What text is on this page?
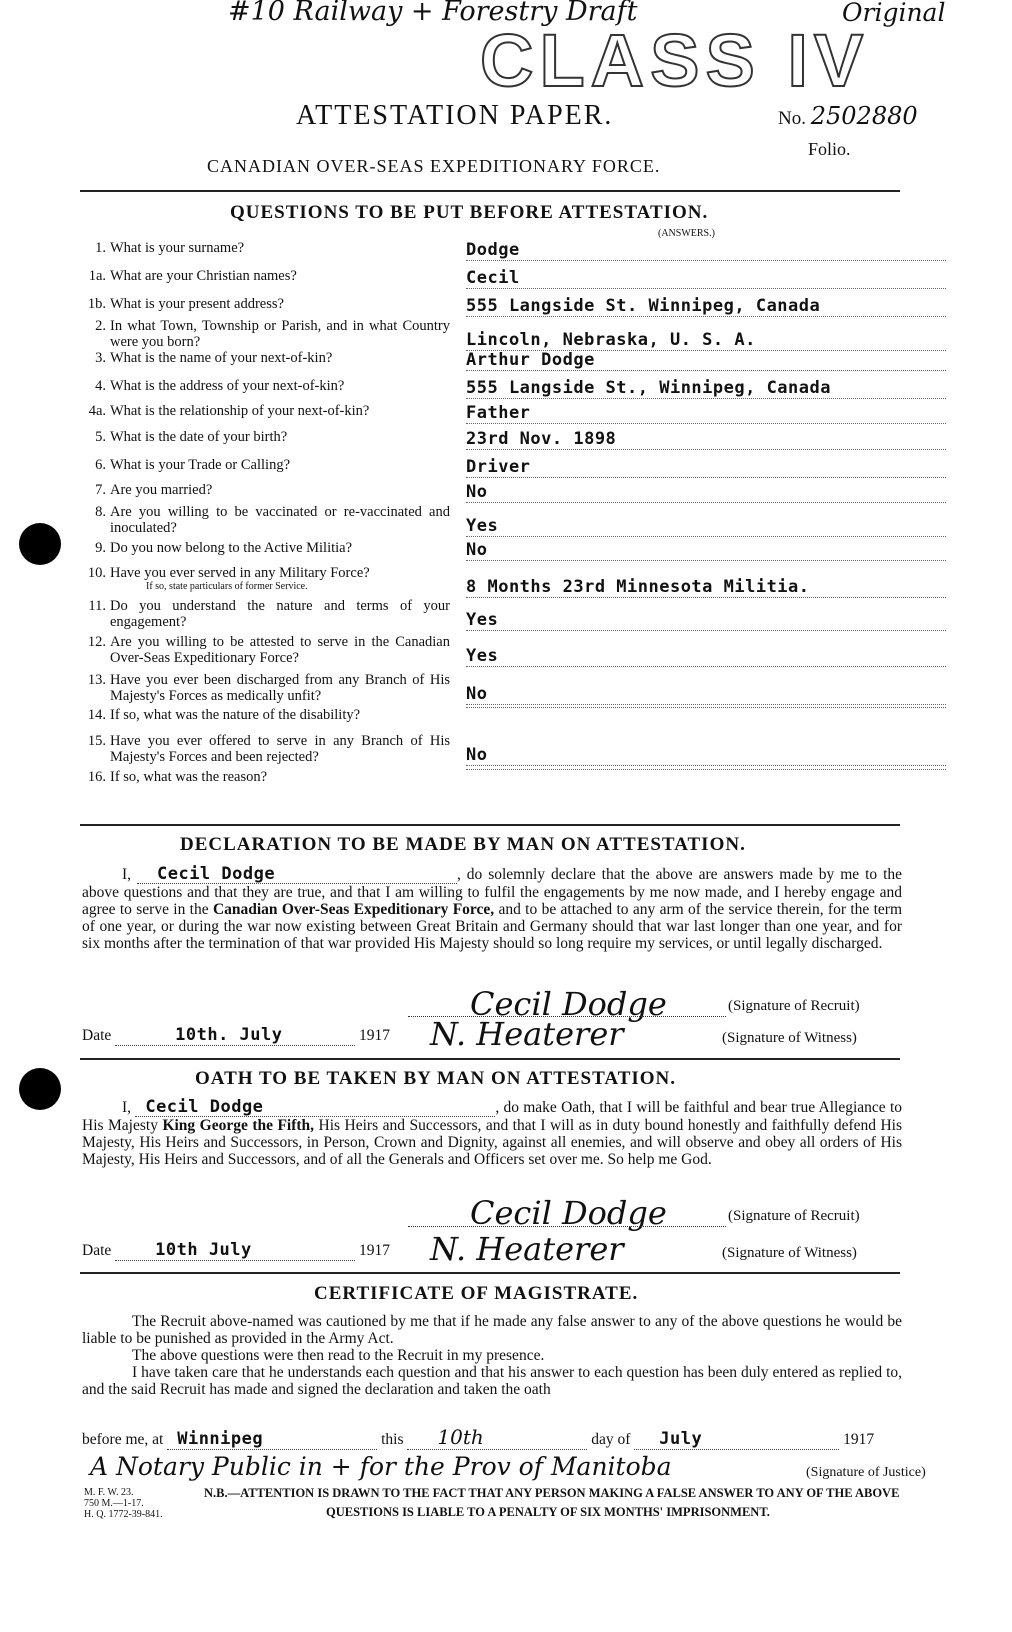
#10 Railway + Forestry Draft	Original
CLASS IV
ATTESTATION PAPER.	No. 2502880
Folio.
CANADIAN OVER-SEAS EXPEDITIONARY FORCE.
QUESTIONS TO BE PUT BEFORE ATTESTATION.
(ANSWERS.)
1. What is your surname?	Dodge
1a. What are your Christian names?	Cecil
1b. What is your present address?	555 Langside St. Winnipeg, Canada
2. In what Town, Township or Parish, and in what Country were you born?	Lincoln, Nebraska, U. S. A.
3. What is the name of your next-of-kin?	Arthur Dodge
4. What is the address of your next-of-kin?	555 Langside St., Winnipeg, Canada
4a. What is the relationship of your next-of-kin?	Father
5. What is the date of your birth?	23rd Nov. 1898
6. What is your Trade or Calling?	Driver
7. Are you married?	No
8. Are you willing to be vaccinated or re-vaccinated and inoculated?	Yes
9. Do you now belong to the Active Militia?	No
10. Have you ever served in any Military Force?
If so, state particulars of former Service.	8 Months 23rd Minnesota Militia.
11. Do you understand the nature and terms of your engagement?	Yes
12. Are you willing to be attested to serve in the Canadian Over-Seas Expeditionary Force?	Yes
13. Have you ever been discharged from any Branch of His Majesty's Forces as medically unfit?	No
14. If so, what was the nature of the disability?
15. Have you ever offered to serve in any Branch of His Majesty's Forces and been rejected?	No
16. If so, what was the reason?
DECLARATION TO BE MADE BY MAN ON ATTESTATION.
I, Cecil Dodge	, do solemnly declare that the above are answers made by me to the above questions and that they are true, and that I am willing to fulfil the engagements by me now made, and I hereby engage and agree to serve in the Canadian Over-Seas Expeditionary Force, and to be attached to any arm of the service therein, for the term of one year, or during the war now existing between Great Britain and Germany should that war last longer than one year, and for six months after the termination of that war provided His Majesty should so long require my services, or until legally discharged.
Cecil Dodge	(Signature of Recruit)
Date	10th. July	1917 N. Heaterer	(Signature of Witness)
OATH TO BE TAKEN BY MAN ON ATTESTATION.
I, Cecil Dodge	, do make Oath, that I will be faithful and bear true Allegiance to His Majesty King George the Fifth, His Heirs and Successors, and that I will as in duty bound honestly and faithfully defend His Majesty, His Heirs and Successors, in Person, Crown and Dignity, against all enemies, and will observe and obey all orders of His Majesty, His Heirs and Successors, and of all the Generals and Officers set over me. So help me God.
Cecil Dodge	(Signature of Recruit)
Date	10th July	1917 N. Heaterer	(Signature of Witness)
CERTIFICATE OF MAGISTRATE.
The Recruit above-named was cautioned by me that if he made any false answer to any of the above questions he would be liable to be punished as provided in the Army Act.
The above questions were then read to the Recruit in my presence.
I have taken care that he understands each question and that his answer to each question has been duly entered as replied to, and the said Recruit has made and signed the declaration and taken the oath
before me, at Winnipeg	this 10th	day of July	1917
A Notary Public in + for the Prov of Manitoba	(Signature of Justice)
M. F. W. 23.
750 M.—1-17.
H. Q. 1772-39-841.
N.B.—ATTENTION IS DRAWN TO THE FACT THAT ANY PERSON MAKING A FALSE ANSWER TO ANY OF THE ABOVE
QUESTIONS IS LIABLE TO A PENALTY OF SIX MONTHS' IMPRISONMENT.
